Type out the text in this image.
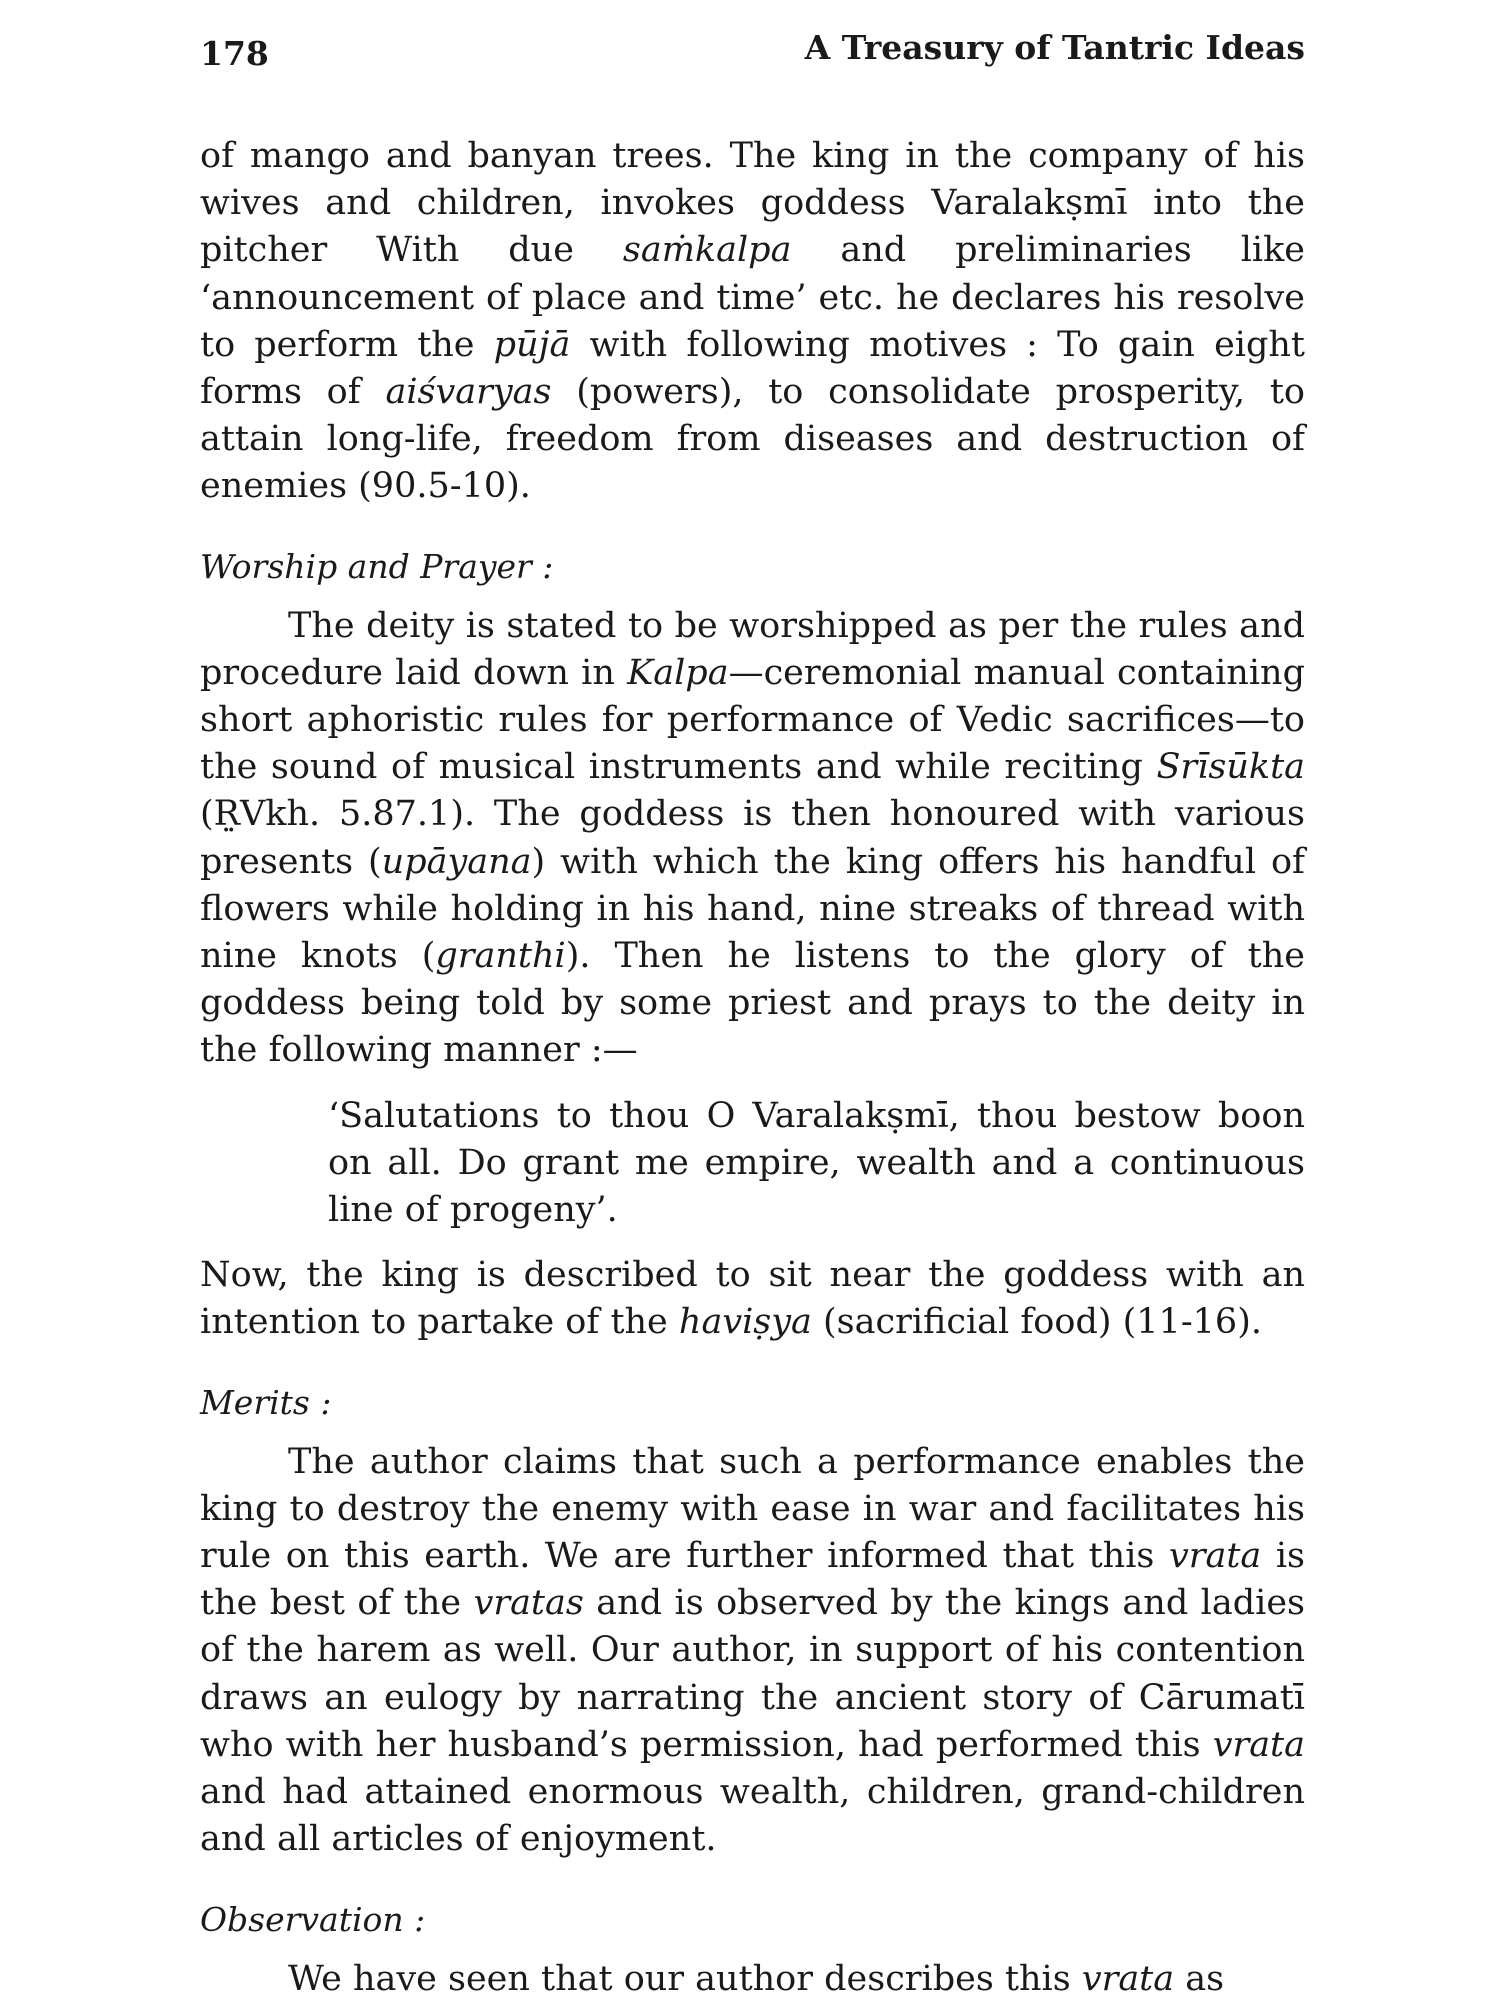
178	A Treasury of Tantric Ideas

of mango and banyan trees. The king in the company of his wives and children, invokes goddess Varalakṣmī into the pitcher With due saṁkalpa and preliminaries like ‘announcement of place and time’ etc. he declares his resolve to perform the pūjā with following motives : To gain eight forms of aiśvaryas (powers), to consolidate prosperity, to attain long-life, freedom from diseases and destruction of enemies (90.5-10).

Worship and Prayer :

The deity is stated to be worshipped as per the rules and procedure laid down in Kalpa—ceremonial manual containing short aphoristic rules for performance of Vedic sacrifices—to the sound of musical instruments and while reciting Srīsūkta (Ṛ̣Vkh. 5.87.1). The goddess is then honoured with various presents (upāyana) with which the king offers his handful of flowers while holding in his hand, nine streaks of thread with nine knots (granthi). Then he listens to the glory of the goddess being told by some priest and prays to the deity in the following manner :—

‘Salutations to thou O Varalakṣmī, thou bestow boon on all. Do grant me empire, wealth and a continuous line of progeny’.

Now, the king is described to sit near the goddess with an intention to partake of the haviṣya (sacrificial food) (11-16).

Merits :

The author claims that such a performance enables the king to destroy the enemy with ease in war and facilitates his rule on this earth. We are further informed that this vrata is the best of the vratas and is observed by the kings and ladies of the harem as well. Our author, in support of his contention draws an eulogy by narrating the ancient story of Cārumatī who with her husband’s permission, had performed this vrata and had attained enormous wealth, children, grand-children and all articles of enjoyment.

Observation :

We have seen that our author describes this vrata as
